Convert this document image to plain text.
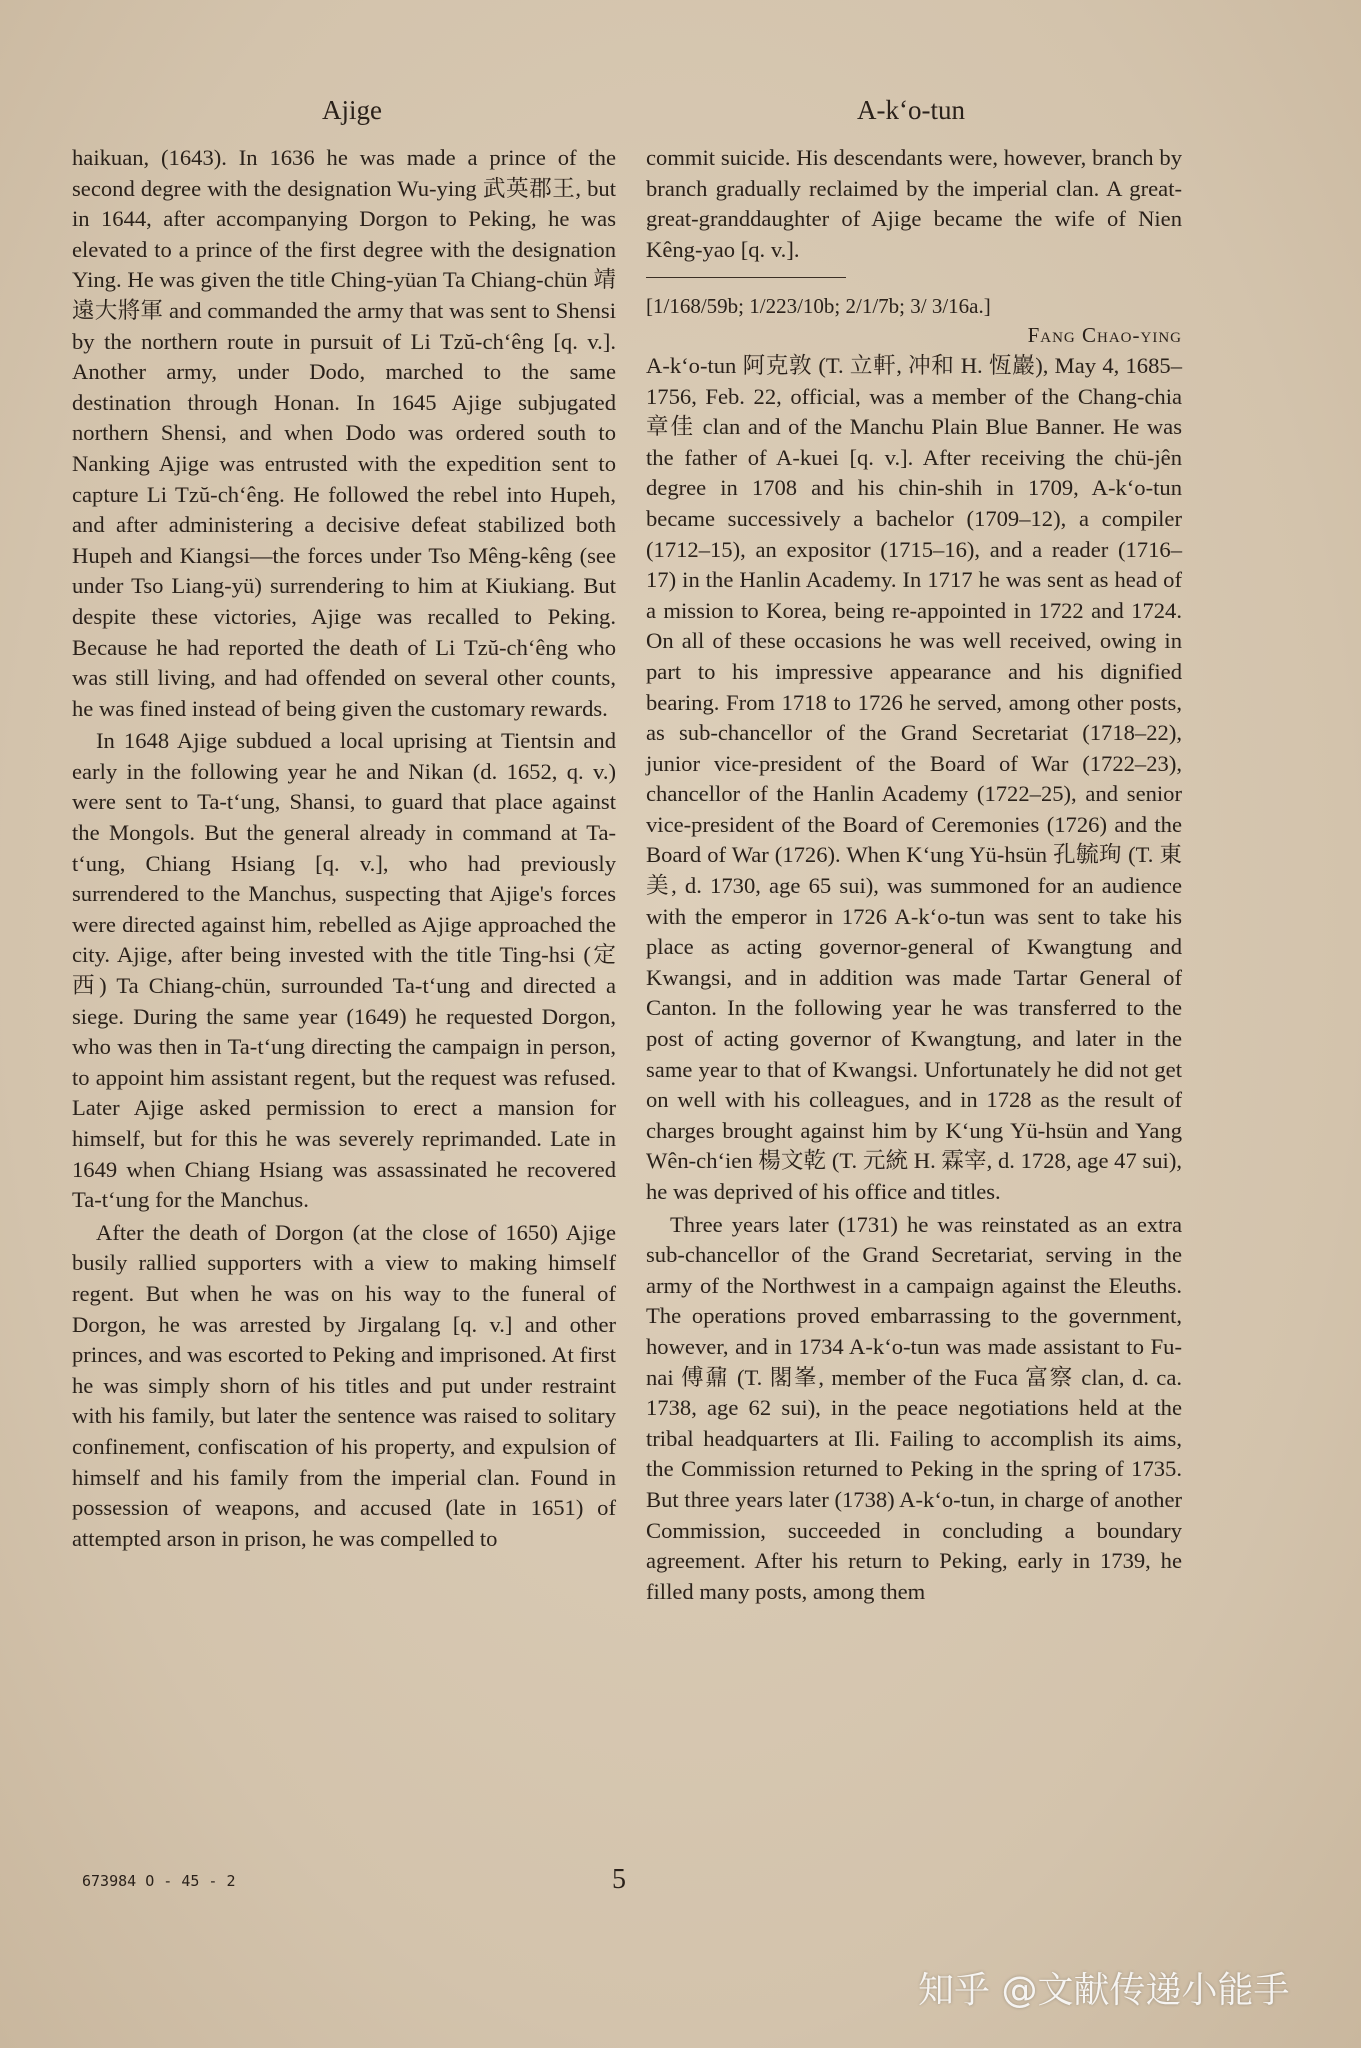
Ajige	A-kʻo-tun

haikuan, (1643). In 1636 he was made a prince of the second degree with the designation Wu-ying 武英郡王, but in 1644, after accompanying Dorgon to Peking, he was elevated to a prince of the first degree with the designation Ying. He was given the title Ching-yüan Ta Chiang-chün 靖遠大將軍 and commanded the army that was sent to Shensi by the northern route in pursuit of Li Tzŭ-chʻêng [q. v.]. Another army, under Dodo, marched to the same destination through Honan. In 1645 Ajige subjugated northern Shensi, and when Dodo was ordered south to Nanking Ajige was entrusted with the expedition sent to capture Li Tzŭ-chʻêng. He followed the rebel into Hupeh, and after administering a decisive defeat stabilized both Hupeh and Kiangsi—the forces under Tso Mêng-kêng (see under Tso Liang-yü) surrendering to him at Kiukiang. But despite these victories, Ajige was recalled to Peking. Because he had reported the death of Li Tzŭ-chʻêng who was still living, and had offended on several other counts, he was fined instead of being given the customary rewards.

In 1648 Ajige subdued a local uprising at Tientsin and early in the following year he and Nikan (d. 1652, q. v.) were sent to Ta-tʻung, Shansi, to guard that place against the Mongols. But the general already in command at Ta-tʻung, Chiang Hsiang [q. v.], who had previously surrendered to the Manchus, suspecting that Ajige's forces were directed against him, rebelled as Ajige approached the city. Ajige, after being invested with the title Ting-hsi (定西) Ta Chiang-chün, surrounded Ta-tʻung and directed a siege. During the same year (1649) he requested Dorgon, who was then in Ta-tʻung directing the campaign in person, to appoint him assistant regent, but the request was refused. Later Ajige asked permission to erect a mansion for himself, but for this he was severely reprimanded. Late in 1649 when Chiang Hsiang was assassinated he recovered Ta-tʻung for the Manchus.

After the death of Dorgon (at the close of 1650) Ajige busily rallied supporters with a view to making himself regent. But when he was on his way to the funeral of Dorgon, he was arrested by Jirgalang [q. v.] and other princes, and was escorted to Peking and imprisoned. At first he was simply shorn of his titles and put under restraint with his family, but later the sentence was raised to solitary confinement, confiscation of his property, and expulsion of himself and his family from the imperial clan. Found in possession of weapons, and accused (late in 1651) of attempted arson in prison, he was compelled to

commit suicide. His descendants were, however, branch by branch gradually reclaimed by the imperial clan. A great-great-granddaughter of Ajige became the wife of Nien Kêng-yao [q. v.].

[1/168/59b; 1/223/10b; 2/1/7b; 3/ 3/16a.]

Fang Chao-ying

A-kʻo-tun 阿克敦 (T. 立軒, 冲和 H. 恆巖), May 4, 1685–1756, Feb. 22, official, was a member of the Chang-chia 章佳 clan and of the Manchu Plain Blue Banner. He was the father of A-kuei [q. v.]. After receiving the chü-jên degree in 1708 and his chin-shih in 1709, A-kʻo-tun became successively a bachelor (1709–12), a compiler (1712–15), an expositor (1715–16), and a reader (1716–17) in the Hanlin Academy. In 1717 he was sent as head of a mission to Korea, being re-appointed in 1722 and 1724. On all of these occasions he was well received, owing in part to his impressive appearance and his dignified bearing. From 1718 to 1726 he served, among other posts, as sub-chancellor of the Grand Secretariat (1718–22), junior vice-president of the Board of War (1722–23), chancellor of the Hanlin Academy (1722–25), and senior vice-president of the Board of Ceremonies (1726) and the Board of War (1726). When Kʻung Yü-hsün 孔毓珣 (T. 東美, d. 1730, age 65 sui), was summoned for an audience with the emperor in 1726 A-kʻo-tun was sent to take his place as acting governor-general of Kwangtung and Kwangsi, and in addition was made Tartar General of Canton. In the following year he was transferred to the post of acting governor of Kwangtung, and later in the same year to that of Kwangsi. Unfortunately he did not get on well with his colleagues, and in 1728 as the result of charges brought against him by Kʻung Yü-hsün and Yang Wên-chʻien 楊文乾 (T. 元統 H. 霖宰, d. 1728, age 47 sui), he was deprived of his office and titles.

Three years later (1731) he was reinstated as an extra sub-chancellor of the Grand Secretariat, serving in the army of the Northwest in a campaign against the Eleuths. The operations proved embarrassing to the government, however, and in 1734 A-kʻo-tun was made assistant to Fu-nai 傅鼐 (T. 閣峯, member of the Fuca 富察 clan, d. ca. 1738, age 62 sui), in the peace negotiations held at the tribal headquarters at Ili. Failing to accomplish its aims, the Commission returned to Peking in the spring of 1735. But three years later (1738) A-kʻo-tun, in charge of another Commission, succeeded in concluding a boundary agreement. After his return to Peking, early in 1739, he filled many posts, among them

673984 O - 45 - 2	5
知乎 @文献传递小能手
